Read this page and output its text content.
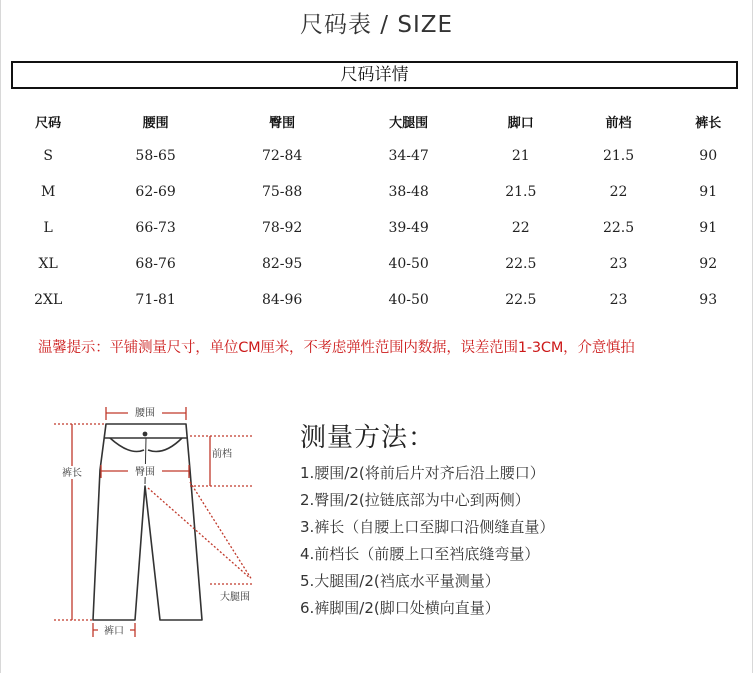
尺码表 / SIZE
尺码详情
尺码	腰围	臀围	大腿围	脚口	前档	裤长
S	58-65	72-84	34-47	21	21.5	90
M	62-69	75-88	38-48	21.5	22	91
L	66-73	78-92	39-49	22	22.5	91
XL	68-76	82-95	40-50	22.5	23	92
2XL	71-81	84-96	40-50	22.5	23	93
温馨提示：平铺测量尺寸，单位CM厘米，不考虑弹性范围内数据，误差范围1-3CM，介意慎拍
腰围
臀围
前档
裤长
大腿围
裤口
测量方法：
1.腰围/2(将前后片对齐后沿上腰口）
2.臀围/2(拉链底部为中心到两侧）
3.裤长（自腰上口至脚口沿侧缝直量）
4.前档长（前腰上口至裆底缝弯量）
5.大腿围/2(裆底水平量测量）
6.裤脚围/2(脚口处横向直量）
